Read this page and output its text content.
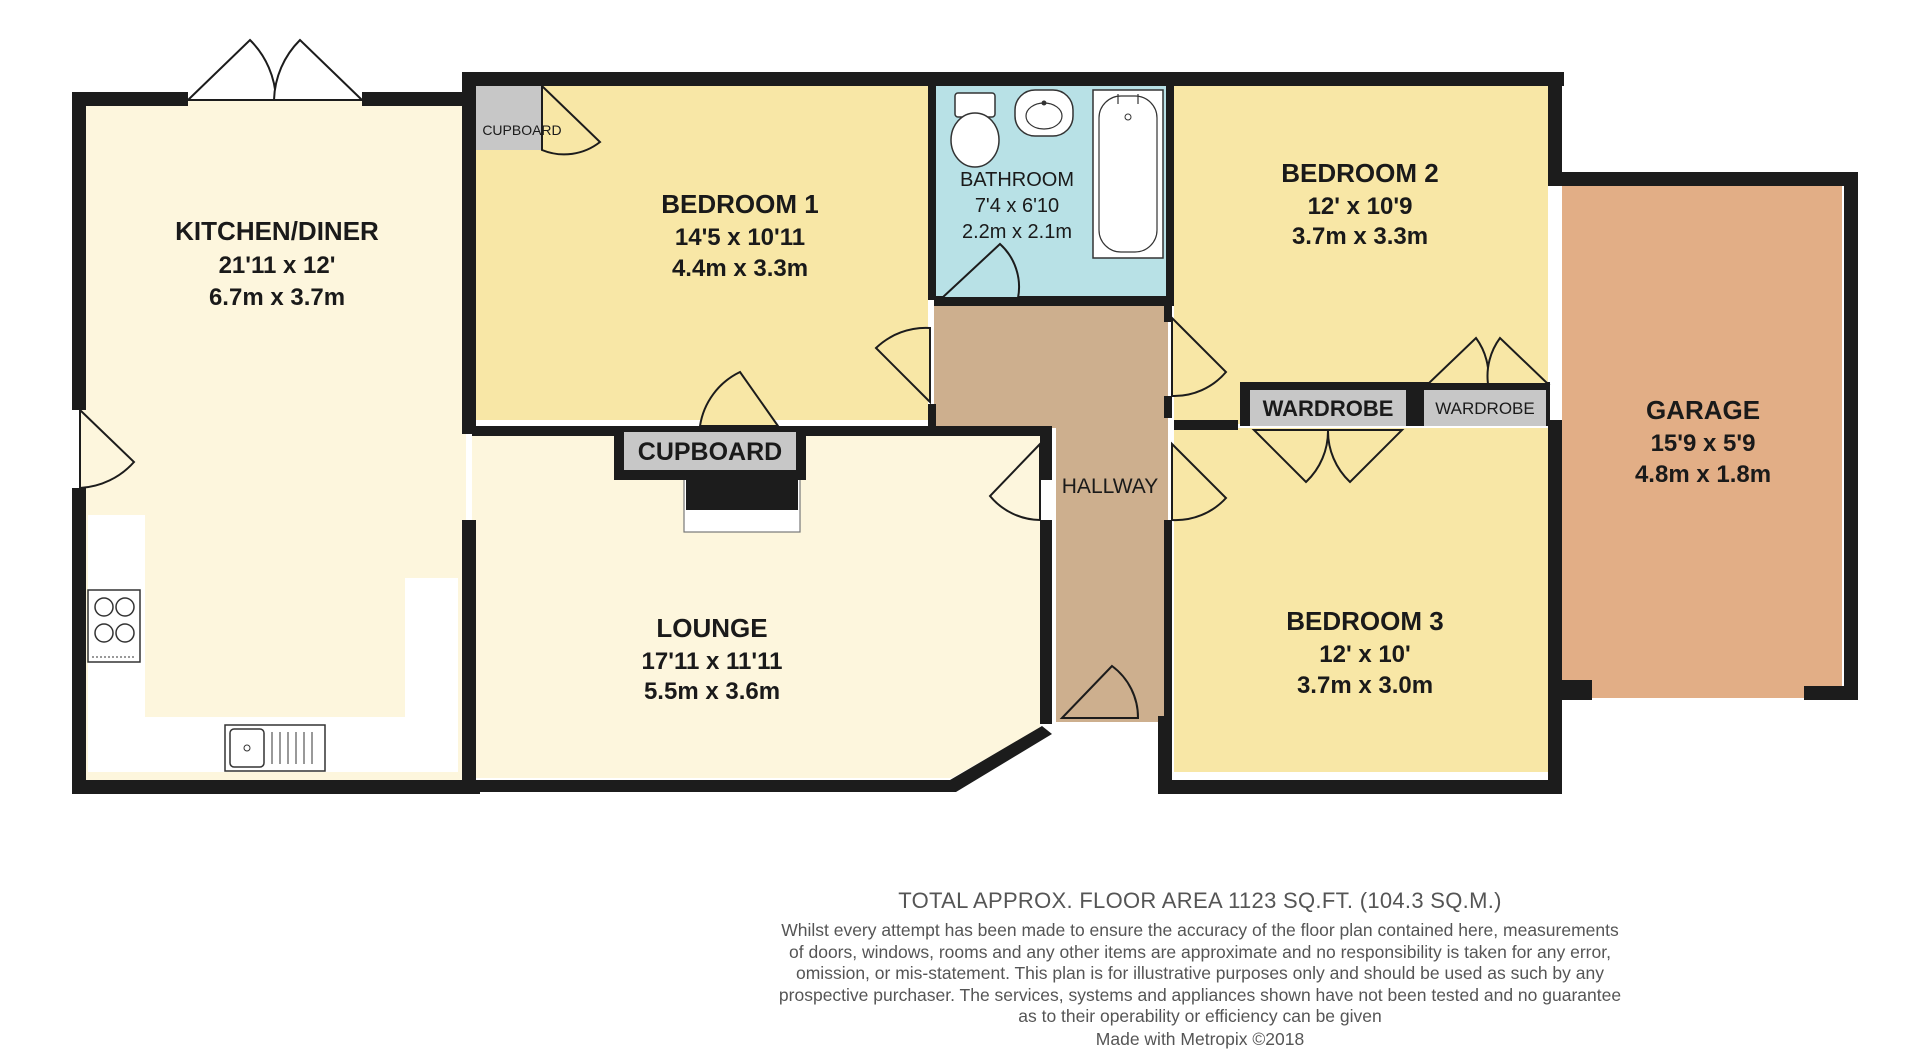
KITCHEN/DINER
21'11 x 12'
6.7m x 3.7m
BEDROOM 1
14'5 x 10'11
4.4m x 3.3m
CUPBOARD
BATHROOM
7'4 x 6'10
2.2m x 2.1m
BEDROOM 2
12' x 10'9
3.7m x 3.3m
GARAGE
15'9 x 5'9
4.8m x 1.8m
LOUNGE
17'11 x 11'11
5.5m x 3.6m
CUPBOARD
HALLWAY
BEDROOM 3
12' x 10'
3.7m x 3.0m
WARDROBE WARDROBE
TOTAL APPROX. FLOOR AREA 1123 SQ.FT. (104.3 SQ.M.)
Whilst every attempt has been made to ensure the accuracy of the floor plan contained here, measurements
of doors, windows, rooms and any other items are approximate and no responsibility is taken for any error,
omission, or mis-statement. This plan is for illustrative purposes only and should be used as such by any
prospective purchaser. The services, systems and appliances shown have not been tested and no guarantee
as to their operability or efficiency can be given
Made with Metropix ©2018
